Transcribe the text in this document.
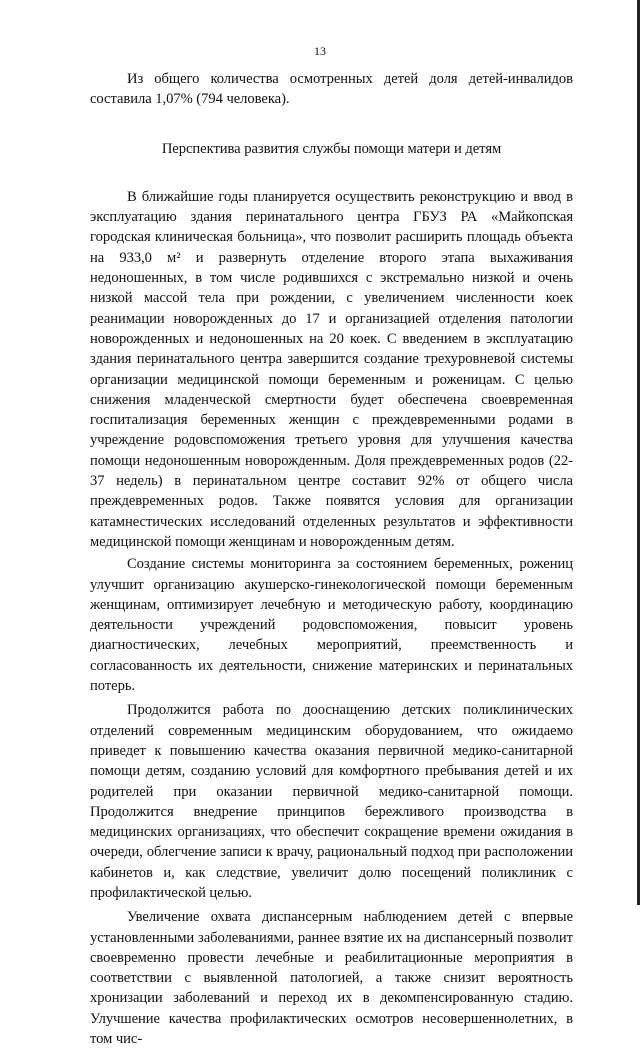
13

Из общего количества осмотренных детей доля детей-инвалидов составила 1,07% (794 человека).

Перспектива развития службы помощи матери и детям

В ближайшие годы планируется осуществить реконструкцию и ввод в эксплуатацию здания перинатального центра ГБУЗ РА «Майкопская городская клиническая больница», что позволит расширить площадь объекта на 933,0 м² и развернуть отделение второго этапа выхаживания недоношенных, в том числе родившихся с экстремально низкой и очень низкой массой тела при рождении, с увеличением численности коек реанимации новорожденных до 17 и организацией отделения патологии новорожденных и недоношенных на 20 коек. С введением в эксплуатацию здания перинатального центра завершится создание трехуровневой системы организации медицинской помощи беременным и роженицам. С целью снижения младенческой смертности будет обеспечена своевременная госпитализация беременных женщин с преждевременными родами в учреждение родовспоможения третьего уровня для улучшения качества помощи недоношенным новорожденным. Доля преждевременных родов (22-37 недель) в перинатальном центре составит 92% от общего числа преждевременных родов. Также появятся условия для организации катамнестических исследований отделенных результатов и эффективности медицинской помощи женщинам и новорожденным детям.

Создание системы мониторинга за состоянием беременных, рожениц улучшит организацию акушерско-гинекологической помощи беременным женщинам, оптимизирует лечебную и методическую работу, координацию деятельности учреждений родовспоможения, повысит уровень диагностических, лечебных мероприятий, преемственность и согласованность их деятельности, снижение материнских и перинатальных потерь.

Продолжится работа по дооснащению детских поликлинических отделений современным медицинским оборудованием, что ожидаемо приведет к повышению качества оказания первичной медико-санитарной помощи детям, созданию условий для комфортного пребывания детей и их родителей при оказании первичной медико-санитарной помощи. Продолжится внедрение принципов бережливого производства в медицинских организациях, что обеспечит сокращение времени ожидания в очереди, облегчение записи к врачу, рациональный подход при расположении кабинетов и, как следствие, увеличит долю посещений поликлиник с профилактической целью.

Увеличение охвата диспансерным наблюдением детей с впервые установленными заболеваниями, раннее взятие их на диспансерный позволит своевременно провести лечебные и реабилитационные мероприятия в соответствии с выявленной патологией, а также снизит вероятность хронизации заболеваний и переход их в декомпенсированную стадию. Улучшение качества профилактических осмотров несовершеннолетних, в том чис-
